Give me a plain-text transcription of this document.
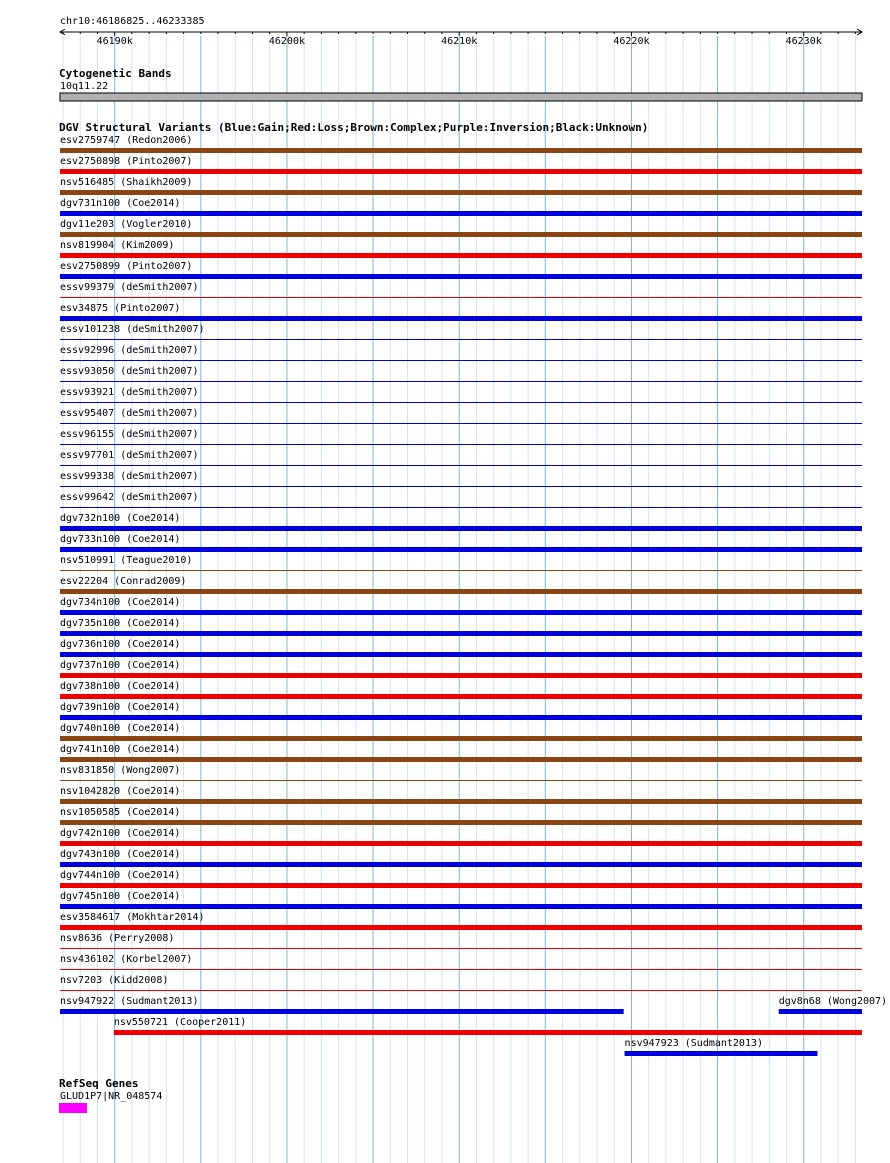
chr10:46186825..46233385
46190k	46200k	46210k	46220k	46230k
Cytogenetic Bands
10q11.22
DGV Structural Variants (Blue:Gain;Red:Loss;Brown:Complex;Purple:Inversion;Black:Unknown)
esv2759747 (Redon2006)
esv2750898 (Pinto2007)
nsv516485 (Shaikh2009)
dgv731n100 (Coe2014)
dgv11e203 (Vogler2010)
nsv819904 (Kim2009)
esv2750899 (Pinto2007)
essv99379 (deSmith2007)
esv34875 (Pinto2007)
essv101238 (deSmith2007)
essv92996 (deSmith2007)
essv93050 (deSmith2007)
essv93921 (deSmith2007)
essv95407 (deSmith2007)
essv96155 (deSmith2007)
essv97701 (deSmith2007)
essv99338 (deSmith2007)
essv99642 (deSmith2007)
dgv732n100 (Coe2014)
dgv733n100 (Coe2014)
nsv510991 (Teague2010)
esv22204 (Conrad2009)
dgv734n100 (Coe2014)
dgv735n100 (Coe2014)
dgv736n100 (Coe2014)
dgv737n100 (Coe2014)
dgv738n100 (Coe2014)
dgv739n100 (Coe2014)
dgv740n100 (Coe2014)
dgv741n100 (Coe2014)
nsv831850 (Wong2007)
nsv1042820 (Coe2014)
nsv1050585 (Coe2014)
dgv742n100 (Coe2014)
dgv743n100 (Coe2014)
dgv744n100 (Coe2014)
dgv745n100 (Coe2014)
esv3584617 (Mokhtar2014)
nsv8636 (Perry2008)
nsv436102 (Korbel2007)
nsv7203 (Kidd2008)
nsv947922 (Sudmant2013)	dgv8n68 (Wong2007)
nsv550721 (Cooper2011)
nsv947923 (Sudmant2013)
RefSeq Genes
GLUD1P7|NR_048574
